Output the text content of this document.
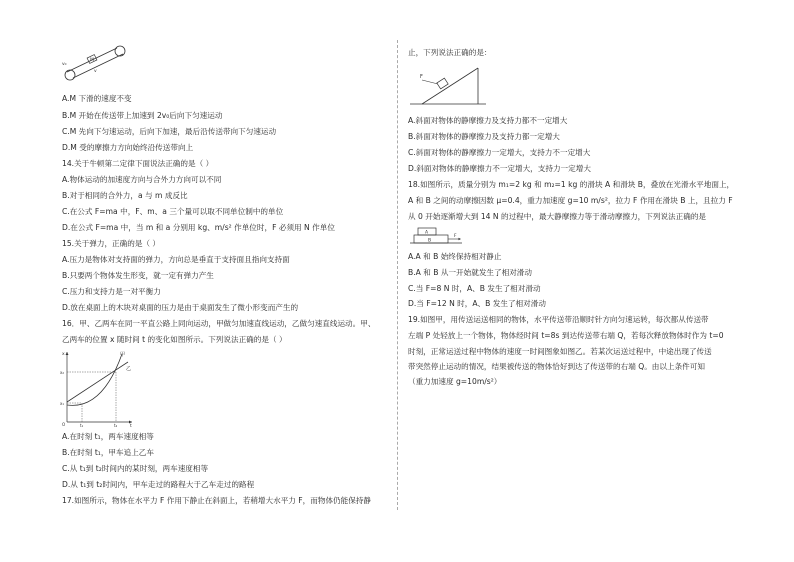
M
v₀
v
A.M 下滑的速度不变
B.M 开始在传送带上加速到 2v₀后向下匀速运动
C.M 先向下匀速运动，后向下加速，最后沿传送带向下匀速运动
D.M 受的摩擦力方向始终沿传送带向上
14.关于牛顿第二定律下面说法正确的是（ ）
A.物体运动的加速度方向与合外力方向可以不同
B.对于相同的合外力，a 与 m 成反比
C.在公式 F=ma 中，F、m、a 三个量可以取不同单位制中的单位
D.在公式 F=ma 中，当 m 和 a 分别用 kg、m/s² 作单位时，F 必须用 N 作单位
15.关于弹力，正确的是（ ）
A.压力是物体对支持面的弹力，方向总是垂直于支持面且指向支持面
B.只要两个物体发生形变，就一定有弹力产生
C.压力和支持力是一对平衡力
D.放在桌面上的木块对桌面的压力是由于桌面发生了微小形变而产生的
16．甲、乙两车在同一平直公路上同向运动，甲做匀加速直线运动，乙做匀速直线运动。甲、
乙两车的位置 x 随时间 t 的变化如图所示。下列说法正确的是（ ）
甲
乙
x
x₂
x₁
O	t₁	t₂	t
A.在时刻 t₁，两车速度相等
B.在时刻 t₁，甲车追上乙车
C.从 t₁到 t₂时间内的某时刻，两车速度相等
D.从 t₁到 t₂时间内，甲车走过的路程大于乙车走过的路程
17.如图所示，物体在水平力 F 作用下静止在斜面上，若稍增大水平力 F，而物体仍能保持静
止，下列说法正确的是：
F
A.斜面对物体的静摩擦力及支持力都不一定增大
B.斜面对物体的静摩擦力及支持力都一定增大
C.斜面对物体的静摩擦力一定增大，支持力不一定增大
D.斜面对物体的静摩擦力不一定增大，支持力一定增大
18.如图所示，质量分别为 m₁=2 kg 和 m₂=1 kg 的滑块 A 和滑块 B，叠放在光滑水平地面上，
A 和 B 之间的动摩擦因数 μ=0.4，重力加速度 g=10 m/s²，拉力 F 作用在滑块 B 上，且拉力 F
从 0 开始逐渐增大到 14 N 的过程中，最大静摩擦力等于滑动摩擦力，下列说法正确的是
A
B
F
A.A 和 B 始终保持相对静止
B.A 和 B 从一开始就发生了相对滑动
C.当 F=8 N 时，A、B 发生了相对滑动
D.当 F=12 N 时，A、B 发生了相对滑动
19.如图甲，用传送运送相同的物体，水平传送带沿顺时针方向匀速运转，每次都从传送带
左端 P 处轻放上一个物体，物体经时间 t=8s 到达传送带右端 Q，若每次释放物体时作为 t=0
时刻，正常运送过程中物体的速度一时间图象如图乙。若某次运送过程中，中途出现了传送
带突然停止运动的情况，结果被传送的物体恰好到达了传送带的右端 Q。由以上条件可知
（重力加速度 g=10m/s²）
